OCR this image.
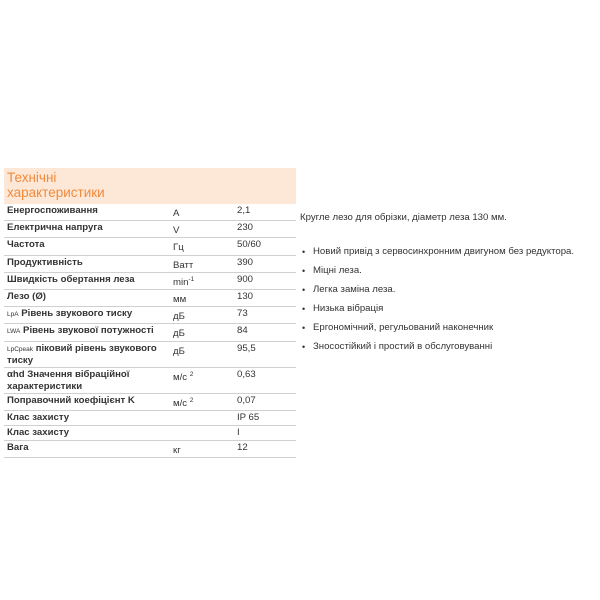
Технічні
характеристики
Енергоспоживання	A	2,1
Електрична напруга	V	230
Частота	Гц	50/60
Продуктивність	Ватт	390
Швидкість обертання леза	$\min^{-1}$	900
Лезо (Ø)	мм	130
LpA Рівень звукового тиску	дБ	73
LWA Рівень звукової потужності	дБ	84
LpCpeak піковий рівень звукового тиску	дБ	95,5
αhd Значення вібраційної характеристики	м/с $^2$	0,63
Поправочний коефіцієнт K	м/с $^2$	0,07
Клас захисту		IP 65
Клас захисту		I
Вага	кг	12

Круглe лезо для обрізки, діаметр леза 130 мм.

• Новий привід з сервосинхронним двигуном без редуктора.
• Міцні леза.
• Легка заміна леза.
• Низька вібрація
• Ергономічний, регульований наконечник
• Зносостійкий і простий в обслуговуванні
